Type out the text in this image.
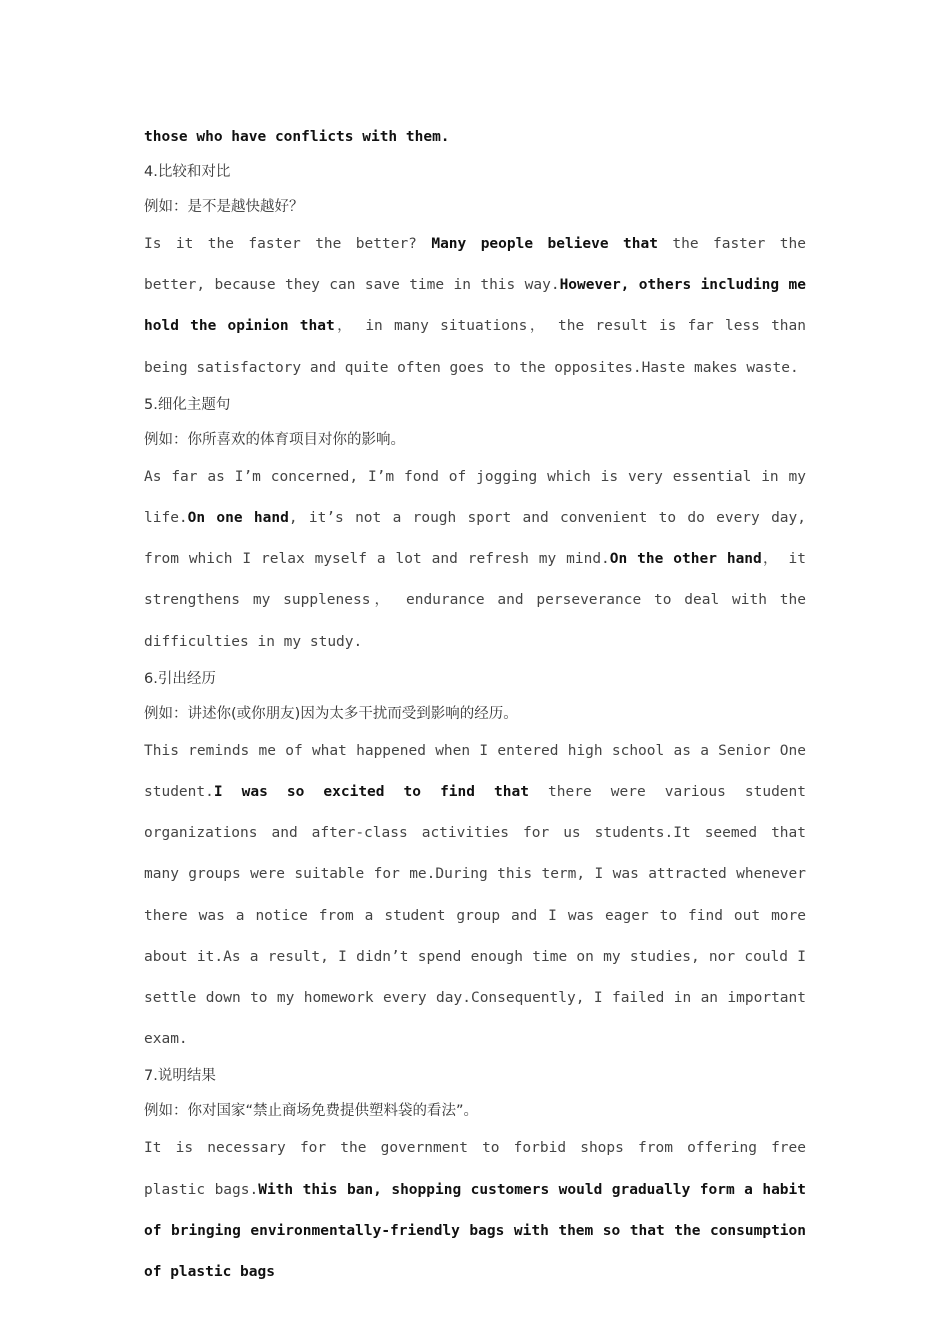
those who have conflicts with them.

4.比较和对比
例如：是不是越快越好？

Is it the faster the better? Many people believe that the faster the better, because they can save time in this way.However, others including me hold the opinion that， in many situations， the result is far less than being satisfactory and quite often goes to the opposites.Haste makes waste.

5.细化主题句
例如：你所喜欢的体育项目对你的影响。

As far as I’m concerned, I’m fond of jogging which is very essential in my life.On one hand, it’s not a rough sport and convenient to do every day, from which I relax myself a lot and refresh my mind.On the other hand， it strengthens my suppleness， endurance and perseverance to deal with the difficulties in my study.

6.引出经历
例如：讲述你(或你朋友)因为太多干扰而受到影响的经历。

This reminds me of what happened when I entered high school as a Senior One student.I was so excited to find that there were various student organizations and after-class activities for us students.It seemed that many groups were suitable for me.During this term, I was attracted whenever there was a notice from a student group and I was eager to find out more about it.As a result, I didn’t spend enough time on my studies, nor could I settle down to my homework every day.Consequently, I failed in an important exam.

7.说明结果
例如：你对国家“禁止商场免费提供塑料袋的看法”。

It is necessary for the government to forbid shops from offering free plastic bags.With this ban, shopping customers would gradually form a habit of bringing environmentally-friendly bags with them so that the consumption of plastic bags
